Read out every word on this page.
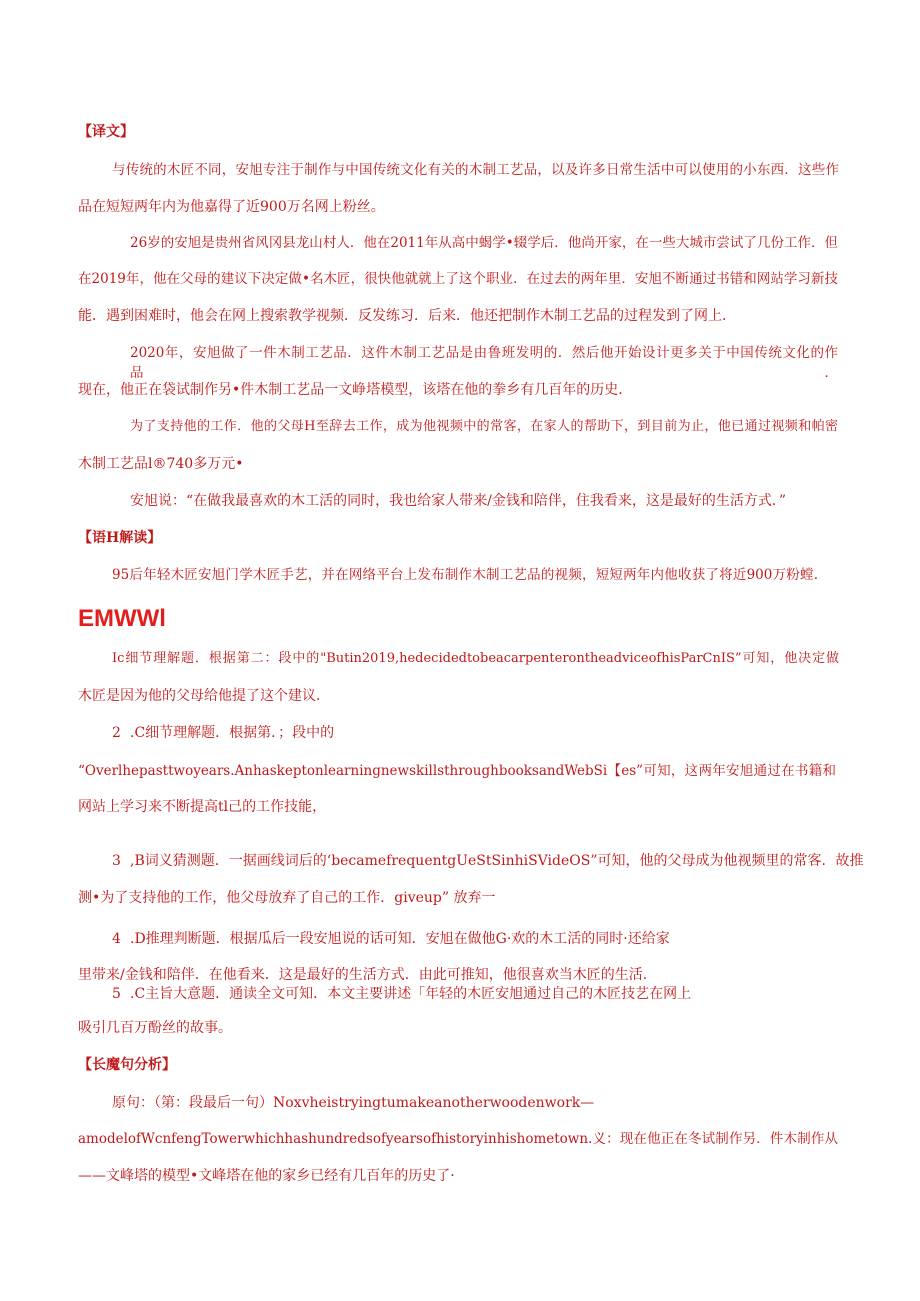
【译文】
与传统的木匠不同，安旭专注于制作与中国传统文化有关的木制工艺品，以及许多日常生活中可以使用的小东西．这些作
品在短短两年内为他嘉得了近900万名网上粉丝。
26岁的安旭是贵州省风冈县龙山村人．他在2011年从高中蝎学•辍学后．他尚开家，在一些大城市尝试了几份工作．但
在2019年，他在父母的建议下决定做•名木匠，很快他就就上了这个职业．在过去的两年里．安旭不断通过书错和网站学习新技
能．遇到困难时，他会在网上搜索教学视频．反发练习．后来．他还把制作木制工艺品的过程发到了网上．
2020年，安旭做了一件木制工艺品．这件木制工艺品是由鲁班发明的．然后他开始设计更多关于中国传统文化的作品．
现在，他正在袋试制作另•件木制工艺品一文峥塔模型，该塔在他的拳乡有几百年的历史．
为了支持他的工作．他的父母H至辞去工作，成为他视频中的常客，在家人的帮助下，到目前为止，他已通过视频和帕密
木制工艺品l®740多万元•
安旭说：“在做我最喜欢的木工活的同时，我也给家人带来/金钱和陪伴，住我看来，这是最好的生活方式．”
【语H解读】
95后年轻木匠安旭门学木匠手艺，并在网络平台上发布制作木制工艺品的视频，短短两年内他收获了将近900万粉螳.
EMWWl
Ic细节理解题．根据第二：段中的"Butin2019,hedecidedtobeacarpenterontheadviceofhisParCnIS”可知，他决定做
木匠是因为他的父母给他提了这个建议.
2 .C细节理解题．根据第．；段中的
“Overlhepasttwoyears.AnhaskeptonlearningnewskillsthroughbooksandWebSi【es”可知，这两年安旭通过在书籍和
网站上学习来不断提高tl己的工作技能，
3 ,B词义猜测题．一据画线词后的‘becamefrequentgUeStSinhiSVideOS”可知，他的父母成为他视频里的常客．故推
测•为了支持他的工作，他父母放弃了自己的工作．giveup” 放弃一
4 .D推理判断题．根据瓜后一段安旭说的话可知．安旭在做他G·欢的木工活的同时·还给家
里带来/金钱和陪伴．在他看来．这是最好的生活方式．由此可推知，他很喜欢当木匠的生活.
5 .C主旨大意题．通读全文可知．本文主要讲述「年轻的木匠安旭通过自己的木匠技艺在网上
吸引几百万酚丝的故事。
【长魔句分析】
原句：（第：段最后一句）Noxvheistryingtumakeanotherwoodenwork—
amodelofWcnfengTowerwhichhashundredsofyearsofhistoryinhishometown.义：现在他正在冬试制作另．件木制作从
——文峰塔的模型•文峰塔在他的家乡已经有几百年的历史了·
